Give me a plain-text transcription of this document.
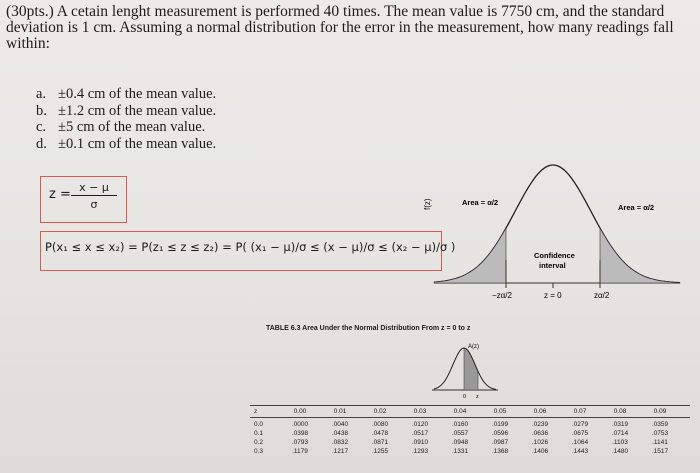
(30pts.) A cetain lenght measurement is performed 40 times. The mean value is 7750 cm, and the standard deviation is 1 cm. Assuming a normal distribution for the error in the measurement, how many readings fall within:
a. ±0.4 cm of the mean value.
b. ±1.2 cm of the mean value.
c. ±5 cm of the mean value.
d. ±0.1 cm of the mean value.
$z = \frac{x - \mu}{\sigma}$
P(x₁ ≤ x ≤ x₂) = P(z₁ ≤ z ≤ z₂) = P( (x₁ − μ)/σ ≤ (x − μ)/σ ≤ (x₂ − μ)/σ )
f(z)	Area = α/2
Area = α/2
Confidence
interval
−zα/2	z = 0	zα/2
TABLE 6.3 Area Under the Normal Distribution From z = 0 to z
A(z)
0 z
z	0.00	0.01	0.02	0.03	0.04	0.05	0.06	0.07	0.08	0.09
0.0	.0000	.0040	.0080	.0120	.0160	.0199	.0239	.0279	.0319	.0359
0.1	.0398	.0438	.0478	.0517	.0557	.0596	.0636	.0675	.0714	.0753
0.2	.0793	.0832	.0871	.0910	.0948	.0987	.1026	.1064	.1103	.1141
0.3	.1179	.1217	.1255	.1293	.1331	.1368	.1406	.1443	.1480	.1517
